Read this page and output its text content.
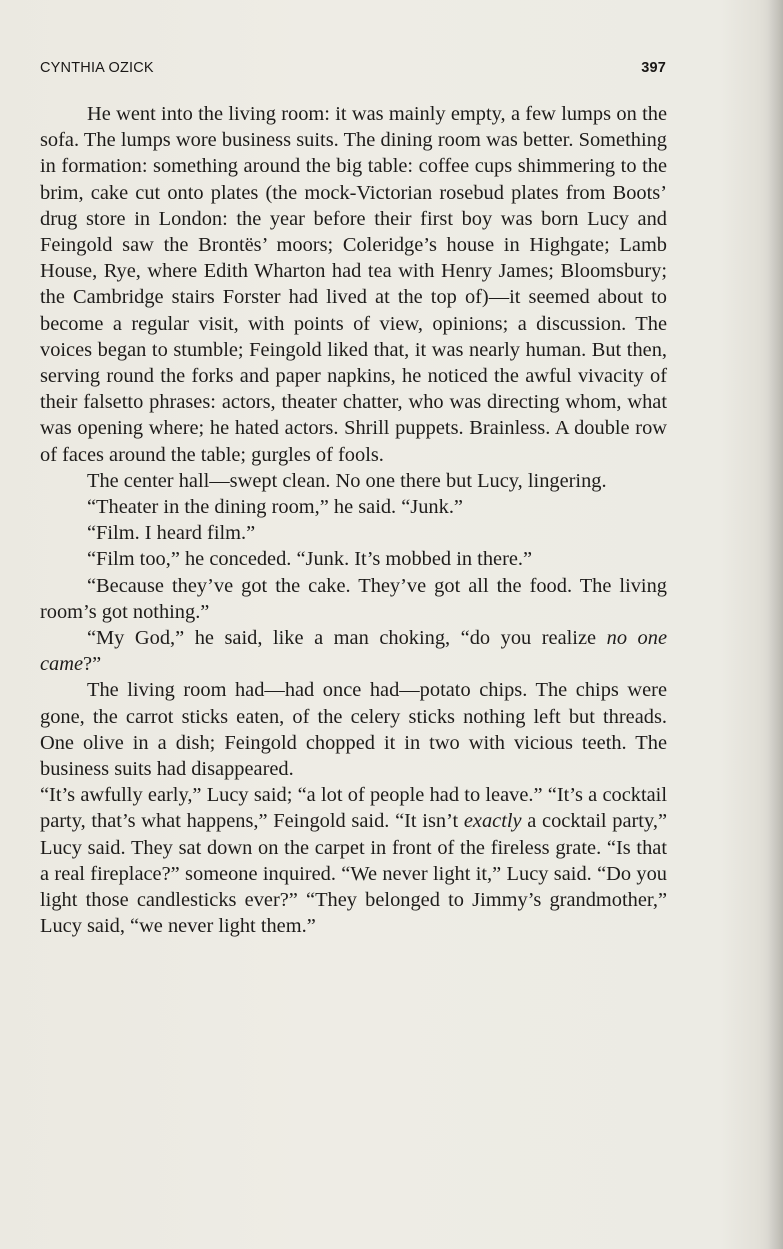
CYNTHIA OZICK	397

He went into the living room: it was mainly empty, a few lumps on the sofa. The lumps wore business suits. The dining room was better. Something in formation: something around the big table: coffee cups shimmering to the brim, cake cut onto plates (the mock-Victorian rosebud plates from Boots’ drug store in London: the year before their first boy was born Lucy and Feingold saw the Brontës’ moors; Coleridge’s house in Highgate; Lamb House, Rye, where Edith Wharton had tea with Henry James; Bloomsbury; the Cambridge stairs Forster had lived at the top of)—it seemed about to become a regular visit, with points of view, opinions; a discussion. The voices began to stumble; Feingold liked that, it was nearly human. But then, serving round the forks and paper napkins, he noticed the awful vivacity of their falsetto phrases: actors, theater chatter, who was directing whom, what was opening where; he hated actors. Shrill puppets. Brainless. A double row of faces around the table; gurgles of fools.

The center hall—swept clean. No one there but Lucy, lingering.

“Theater in the dining room,” he said. “Junk.”

“Film. I heard film.”

“Film too,” he conceded. “Junk. It’s mobbed in there.”

“Because they’ve got the cake. They’ve got all the food. The living room’s got nothing.”

“My God,” he said, like a man choking, “do you realize no one came?”

The living room had—had once had—potato chips. The chips were gone, the carrot sticks eaten, of the celery sticks nothing left but threads. One olive in a dish; Feingold chopped it in two with vicious teeth. The business suits had disappeared.

“It’s awfully early,” Lucy said; “a lot of people had to leave.” “It’s a cocktail party, that’s what happens,” Feingold said. “It isn’t exactly a cocktail party,” Lucy said. They sat down on the carpet in front of the fireless grate. “Is that a real fireplace?” someone inquired. “We never light it,” Lucy said. “Do you light those candlesticks ever?” “They belonged to Jimmy’s grandmother,” Lucy said, “we never light them.”
